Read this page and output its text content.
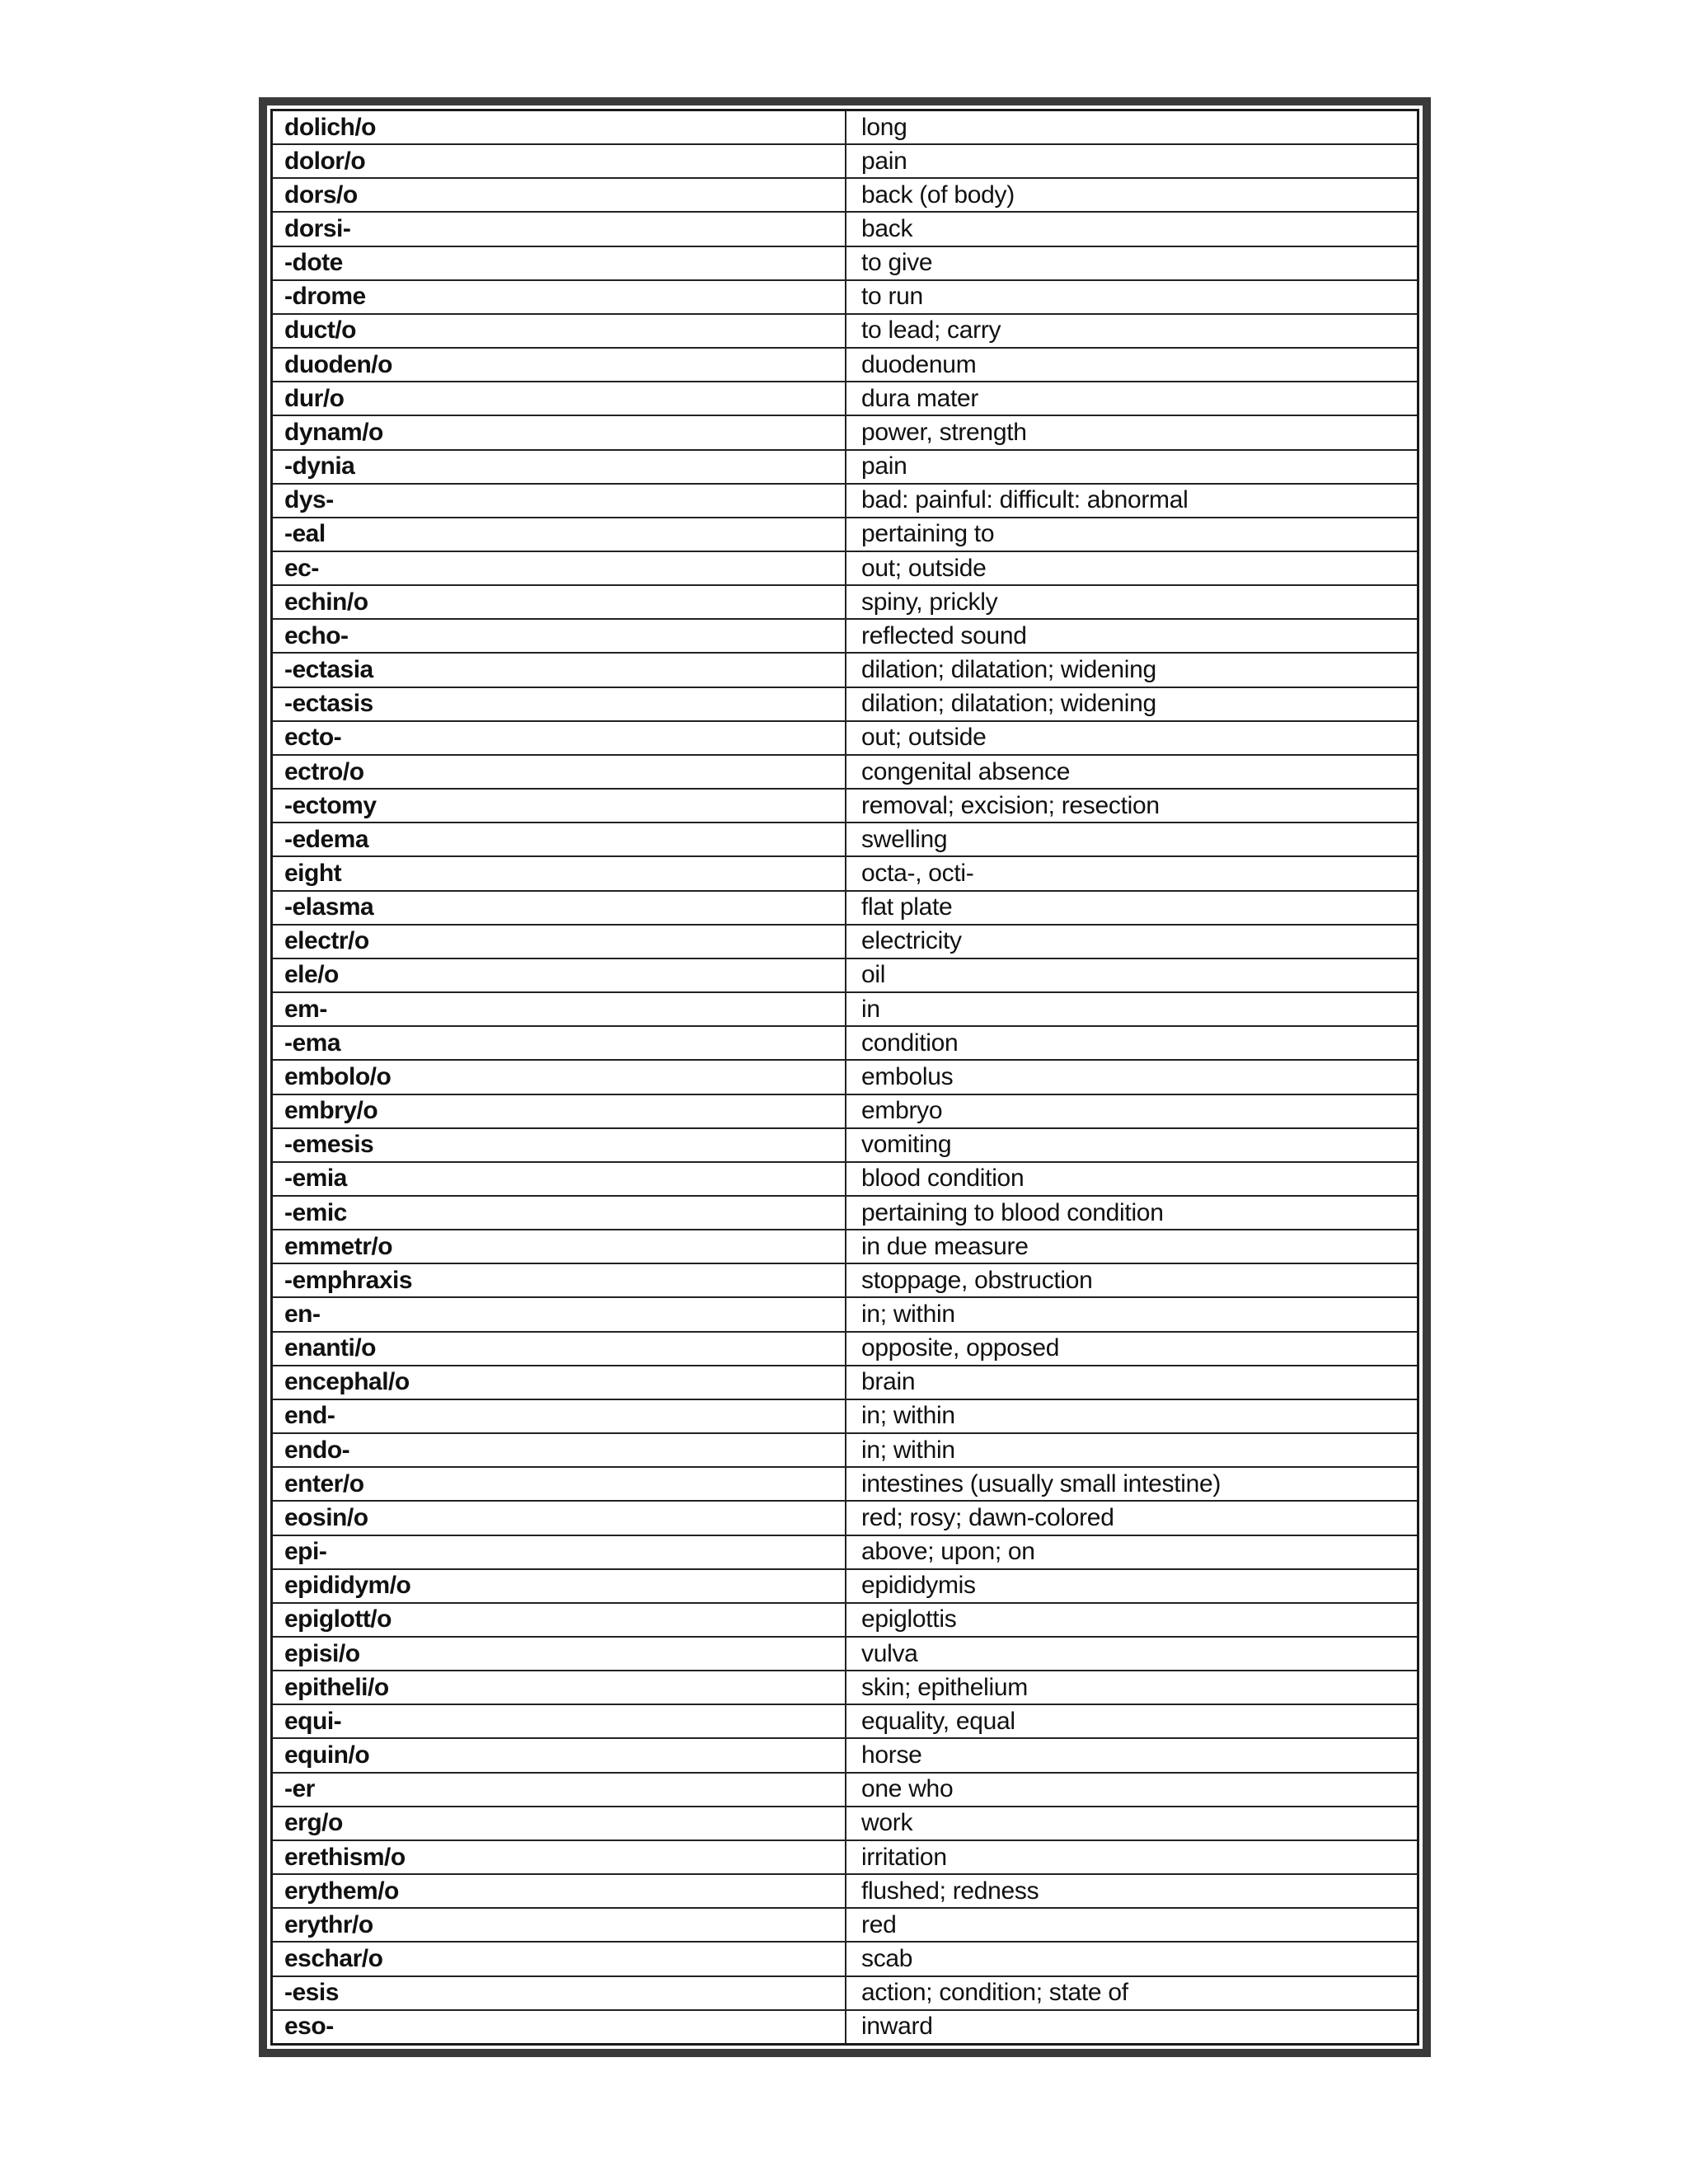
dolich/o	long
dolor/o	pain
dors/o	back (of body)
dorsi-	back
-dote	to give
-drome	to run
duct/o	to lead; carry
duoden/o	duodenum
dur/o	dura mater
dynam/o	power, strength
-dynia	pain
dys-	bad: painful: difficult: abnormal
-eal	pertaining to
ec-	out; outside
echin/o	spiny, prickly
echo-	reflected sound
-ectasia	dilation; dilatation; widening
-ectasis	dilation; dilatation; widening
ecto-	out; outside
ectro/o	congenital absence
-ectomy	removal; excision; resection
-edema	swelling
eight	octa-, octi-
-elasma	flat plate
electr/o	electricity
ele/o	oil
em-	in
-ema	condition
embolo/o	embolus
embry/o	embryo
-emesis	vomiting
-emia	blood condition
-emic	pertaining to blood condition
emmetr/o	in due measure
-emphraxis	stoppage, obstruction
en-	in; within
enanti/o	opposite, opposed
encephal/o	brain
end-	in; within
endo-	in; within
enter/o	intestines (usually small intestine)
eosin/o	red; rosy; dawn-colored
epi-	above; upon; on
epididym/o	epididymis
epiglott/o	epiglottis
episi/o	vulva
epitheli/o	skin; epithelium
equi-	equality, equal
equin/o	horse
-er	one who
erg/o	work
erethism/o	irritation
erythem/o	flushed; redness
erythr/o	red
eschar/o	scab
-esis	action; condition; state of
eso-	inward
